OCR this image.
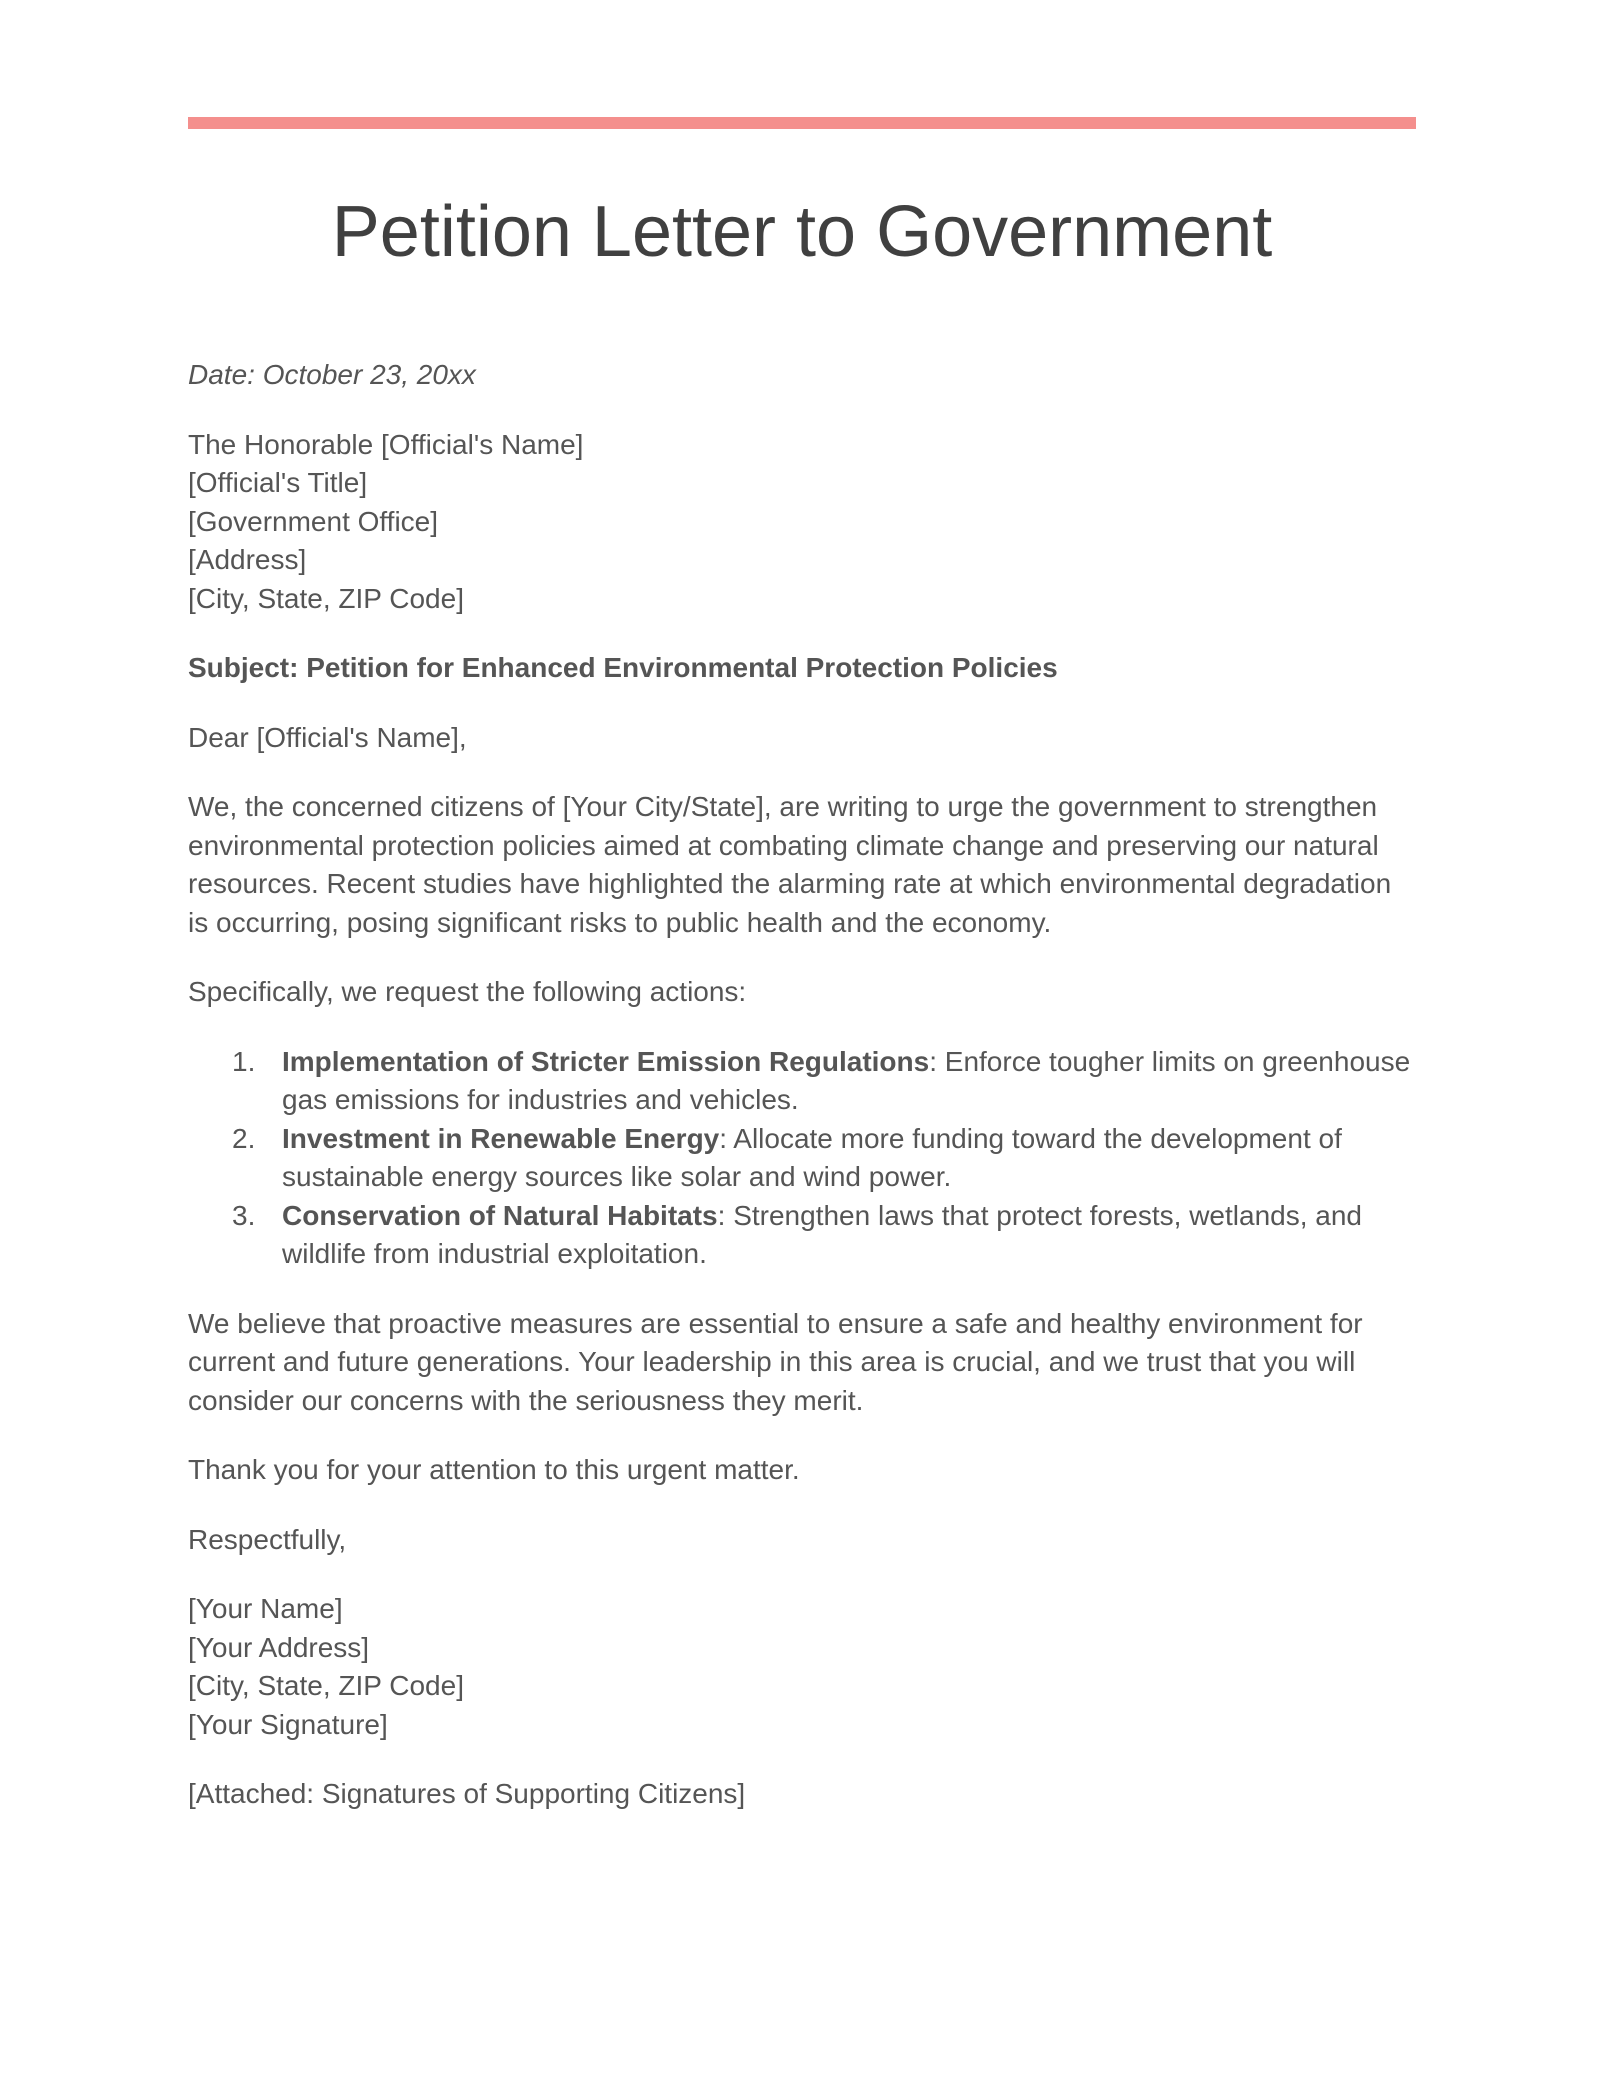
Petition Letter to Government

Date: October 23, 20xx

The Honorable [Official's Name]
[Official's Title]
[Government Office]
[Address]
[City, State, ZIP Code]

Subject: Petition for Enhanced Environmental Protection Policies

Dear [Official's Name],

We, the concerned citizens of [Your City/State], are writing to urge the government to strengthen environmental protection policies aimed at combating climate change and preserving our natural resources. Recent studies have highlighted the alarming rate at which environmental degradation is occurring, posing significant risks to public health and the economy.

Specifically, we request the following actions:

1. Implementation of Stricter Emission Regulations: Enforce tougher limits on greenhouse gas emissions for industries and vehicles.
2. Investment in Renewable Energy: Allocate more funding toward the development of sustainable energy sources like solar and wind power.
3. Conservation of Natural Habitats: Strengthen laws that protect forests, wetlands, and wildlife from industrial exploitation.

We believe that proactive measures are essential to ensure a safe and healthy environment for current and future generations. Your leadership in this area is crucial, and we trust that you will consider our concerns with the seriousness they merit.

Thank you for your attention to this urgent matter.

Respectfully,

[Your Name]
[Your Address]
[City, State, ZIP Code]
[Your Signature]

[Attached: Signatures of Supporting Citizens]
